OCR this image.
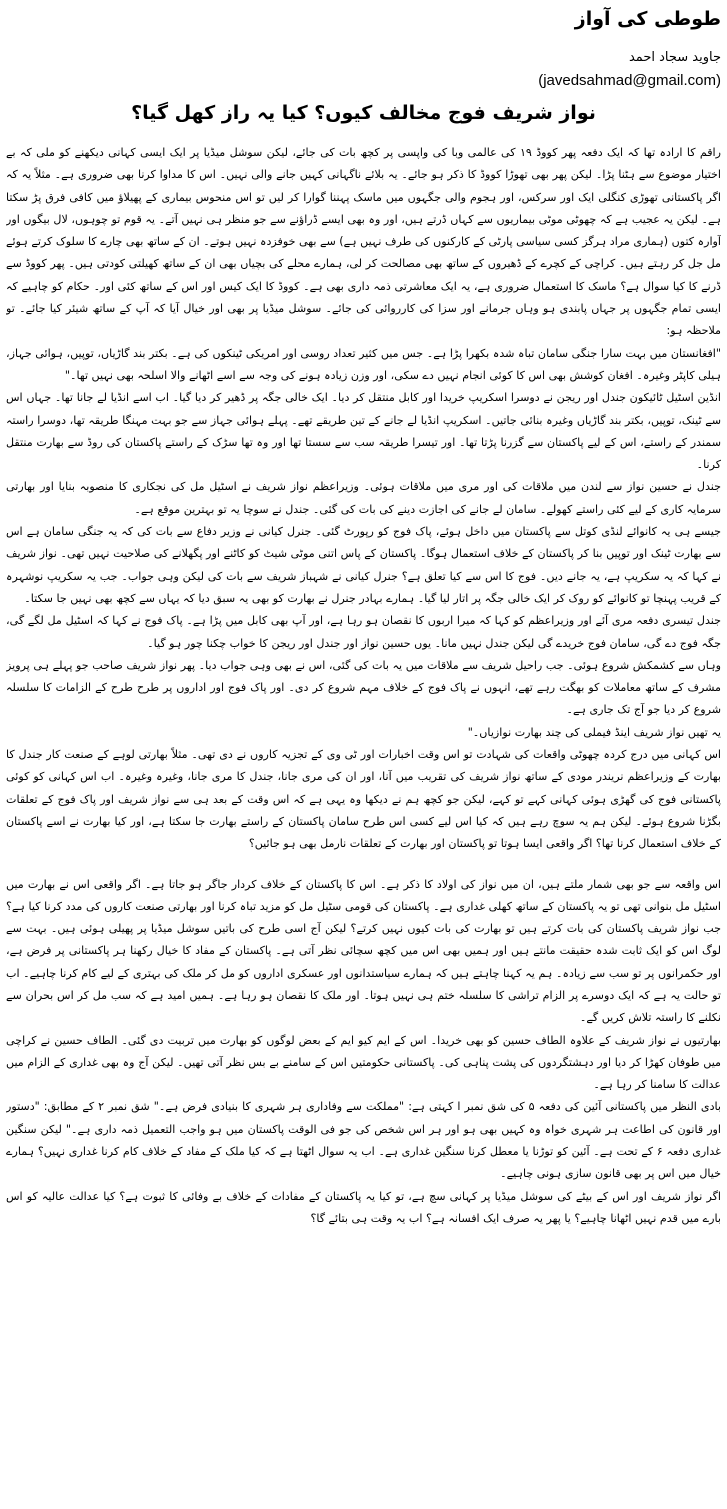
طوطی کی آواز
جاوید سجاد احمد
(javedsahmad@gmail.com)
نواز شریف فوج مخالف کیوں؟ کیا یہ راز کھل گیا؟

راقم کا ارادہ تھا کہ ایک دفعہ پھر کووڈ ۱۹ کی عالمی وبا کی واپسی پر کچھ بات کی جائے، لیکن سوشل میڈیا پر ایک ایسی کہانی دیکھنے کو ملی کہ بے اختیار موضوع سے ہٹنا پڑا۔ لیکن پھر بھی تھوڑا کووڈ کا ذکر ہو جائے۔ یہ بلائے ناگہانی کہیں جانے والی نہیں۔ اس کا مداوا کرنا بھی ضروری ہے۔ مثلاً یہ کہ اگر پاکستانی تھوڑی کنگلی ایک اور سرکس، اور ہجوم والی جگہوں میں ماسک پہننا گوارا کر لیں تو اس منحوس بیماری کے پھیلاؤ میں کافی فرق پڑ سکتا ہے۔ لیکن یہ عجیب ہے کہ چھوٹی موٹی بیماریوں سے کہاں ڈرتے ہیں، اور وہ بھی ایسے ڈراؤنے سے جو منظر ہی نہیں آتے۔ یہ قوم تو چوہوں، لال بیگوں اور آوارہ کتوں (ہماری مراد ہرگز کسی سیاسی پارٹی کے کارکنوں کی طرف نہیں ہے) سے بھی خوفزدہ نہیں ہوتے۔ ان کے ساتھ بھی چارے کا سلوک کرتے ہوئے مل جل کر رہتے ہیں۔ کراچی کے کچرے کے ڈھیروں کے ساتھ بھی مصالحت کر لی، ہمارے محلے کی بچیاں بھی ان کے ساتھ کھیلتی کودتی ہیں۔ پھر کووڈ سے ڈرنے کا کیا سوال ہے؟ ماسک کا استعمال ضروری ہے، یہ ایک معاشرتی ذمہ داری بھی ہے۔ کووڈ کا ایک کیس اور اس کے ساتھ کئی اور۔ حکام کو چاہیے کہ ایسی تمام جگہوں پر جہاں پابندی ہو وہاں جرمانے اور سزا کی کارروائی کی جائے۔ سوشل میڈیا پر بھی اور خیال آیا کہ آپ کے ساتھ شیئر کیا جائے۔ تو ملاحظہ ہو:

"افغانستان میں بہت سارا جنگی سامان تباہ شدہ بکھرا پڑا ہے۔ جس میں کثیر تعداد روسی اور امریکی ٹینکوں کی ہے۔ بکتر بند گاڑیاں، توپیں، ہوائی جہاز، ہیلی کاپٹر وغیرہ۔ افغان کوشش بھی اس کا کوئی انجام نہیں دے سکی، اور وزن زیادہ ہونے کی وجہ سے اسے اٹھانے والا اسلحہ بھی نہیں تھا۔"

انڈین اسٹیل ٹائیکون جندل اور ریجن نے دوسرا اسکریپ خریدا اور کابل منتقل کر دیا۔ ایک خالی جگہ پر ڈھیر کر دیا گیا۔ اب اسے انڈیا لے جانا تھا۔ جہاں اس سے ٹینک، توپیں، بکتر بند گاڑیاں وغیرہ بنائی جاتیں۔ اسکریپ انڈیا لے جانے کے تین طریقے تھے۔ پہلے ہوائی جہاز سے جو بہت مہنگا طریقہ تھا، دوسرا راستہ سمندر کے راستے، اس کے لیے پاکستان سے گزرنا پڑتا تھا۔ اور تیسرا طریقہ سب سے سستا تھا اور وہ تھا سڑک کے راستے پاکستان کی روڈ سے بھارت منتقل کرنا۔

جندل نے حسین نواز سے لندن میں ملاقات کی اور مری میں ملاقات ہوئی۔ وزیراعظم نواز شریف نے اسٹیل مل کی نجکاری کا منصوبہ بنایا اور بھارتی سرمایہ کاری کے لیے کئی راستے کھولے۔ سامان لے جانے کی اجازت دینے کی بات کی گئی۔ جندل نے سوچا یہ تو بہترین موقع ہے۔

جیسے ہی یہ کانوائے لنڈی کوتل سے پاکستان میں داخل ہوئے، پاک فوج کو رپورٹ گئی۔ جنرل کیانی نے وزیر دفاع سے بات کی کہ یہ جنگی سامان ہے اس سے بھارت ٹینک اور توپیں بنا کر پاکستان کے خلاف استعمال ہوگا۔ پاکستان کے پاس اتنی موٹی شیٹ کو کاٹنے اور پگھلانے کی صلاحیت نہیں تھی۔ نواز شریف نے کہا کہ یہ سکریپ ہے، یہ جانے دیں۔ فوج کا اس سے کیا تعلق ہے؟ جنرل کیانی نے شہباز شریف سے بات کی لیکن وہی جواب۔ جب یہ سکریپ نوشہرہ کے قریب پہنچا تو کانوائے کو روک کر ایک خالی جگہ پر اتار لیا گیا۔ ہمارے بہادر جنرل نے بھارت کو بھی یہ سبق دیا کہ یہاں سے کچھ بھی نہیں جا سکتا۔

جندل تیسری دفعہ مری آئے اور وزیراعظم کو کہا کہ میرا اربوں کا نقصان ہو رہا ہے، اور آپ بھی کابل میں پڑا ہے۔ پاک فوج نے کہا کہ اسٹیل مل لگے گی، جگہ فوج دے گی، سامان فوج خریدے گی لیکن جندل نہیں مانا۔ یوں حسین نواز اور جندل اور ریجن کا خواب چکنا چور ہو گیا۔

وہاں سے کشمکش شروع ہوئی۔ جب راحیل شریف سے ملاقات میں یہ بات کی گئی، اس نے بھی وہی جواب دیا۔ پھر نواز شریف صاحب جو پہلے ہی پرویز مشرف کے ساتھ معاملات کو بھگت رہے تھے، انہوں نے پاک فوج کے خلاف مہم شروع کر دی۔ اور پاک فوج اور اداروں پر طرح طرح کے الزامات کا سلسلہ شروع کر دیا جو آج تک جاری ہے۔

یہ تھیں نواز شریف اینڈ فیملی کی چند بھارت نوازیاں۔"

اس کہانی میں درج کردہ چھوٹی واقعات کی شہادت تو اس وقت اخبارات اور ٹی وی کے تجزیہ کاروں نے دی تھی۔ مثلاً بھارتی لوہے کے صنعت کار جندل کا بھارت کے وزیراعظم نریندر مودی کے ساتھ نواز شریف کی تقریب میں آنا، اور ان کی مری جانا، جندل کا مری جانا، وغیرہ وغیرہ۔ اب اس کہانی کو کوئی پاکستانی فوج کی گھڑی ہوئی کہانی کہے تو کہے، لیکن جو کچھ ہم نے دیکھا وہ یہی ہے کہ اس وقت کے بعد ہی سے نواز شریف اور پاک فوج کے تعلقات بگڑنا شروع ہوئے۔ لیکن ہم یہ سوچ رہے ہیں کہ کیا اس لیے کسی اس طرح سامان پاکستان کے راستے بھارت جا سکتا ہے، اور کیا بھارت نے اسے پاکستان کے خلاف استعمال کرنا تھا؟ اگر واقعی ایسا ہوتا تو پاکستان اور بھارت کے تعلقات نارمل بھی ہو جائیں؟

اس واقعہ سے جو بھی شمار ملتے ہیں، ان میں نواز کی اولاد کا ذکر ہے۔ اس کا پاکستان کے خلاف کردار جاگر ہو جاتا ہے۔ اگر واقعی اس نے بھارت میں اسٹیل مل بنوانی تھی تو یہ پاکستان کے ساتھ کھلی غداری ہے۔ پاکستان کی قومی سٹیل مل کو مزید تباہ کرنا اور بھارتی صنعت کاروں کی مدد کرنا کیا ہے؟ جب نواز شریف پاکستان کی بات کرتے ہیں تو بھارت کی بات کیوں نہیں کرتے؟ لیکن آج اسی طرح کی باتیں سوشل میڈیا پر پھیلی ہوئی ہیں۔ بہت سے لوگ اس کو ایک ثابت شدہ حقیقت مانتے ہیں اور ہمیں بھی اس میں کچھ سچائی نظر آتی ہے۔ پاکستان کے مفاد کا خیال رکھنا ہر پاکستانی پر فرض ہے، اور حکمرانوں پر تو سب سے زیادہ۔ ہم یہ کہنا چاہتے ہیں کہ ہمارے سیاستدانوں اور عسکری اداروں کو مل کر ملک کی بہتری کے لیے کام کرنا چاہیے۔ اب تو حالت یہ ہے کہ ایک دوسرے پر الزام تراشی کا سلسلہ ختم ہی نہیں ہوتا۔ اور ملک کا نقصان ہو رہا ہے۔ ہمیں امید ہے کہ سب مل کر اس بحران سے نکلنے کا راستہ تلاش کریں گے۔

بھارتیوں نے نواز شریف کے علاوہ الطاف حسین کو بھی خریدا۔ اس کے ایم کیو ایم کے بعض لوگوں کو بھارت میں تربیت دی گئی۔ الطاف حسین نے کراچی میں طوفان کھڑا کر دیا اور دہشتگردوں کی پشت پناہی کی۔ پاکستانی حکومتیں اس کے سامنے بے بس نظر آتی تھیں۔ لیکن آج وہ بھی غداری کے الزام میں عدالت کا سامنا کر رہا ہے۔

بادی النظر میں پاکستانی آئین کی دفعہ ۵ کی شق نمبر ا کہتی ہے: "مملکت سے وفاداری ہر شہری کا بنیادی فرض ہے۔" شق نمبر ۲ کے مطابق: "دستور اور قانون کی اطاعت ہر شہری خواہ وہ کہیں بھی ہو اور ہر اس شخص کی جو فی الوقت پاکستان میں ہو واجب التعمیل ذمہ داری ہے۔" لیکن سنگین غداری دفعہ ۶ کے تحت ہے۔ آئین کو توڑنا یا معطل کرنا سنگین غداری ہے۔ اب یہ سوال اٹھتا ہے کہ کیا ملک کے مفاد کے خلاف کام کرنا غداری نہیں؟ ہمارے خیال میں اس پر بھی قانون سازی ہونی چاہیے۔

اگر نواز شریف اور اس کے بیٹے کی سوشل میڈیا پر کہانی سچ ہے، تو کیا یہ پاکستان کے مفادات کے خلاف بے وفائی کا ثبوت ہے؟ کیا عدالت عالیہ کو اس بارے میں قدم نہیں اٹھانا چاہیے؟ یا پھر یہ صرف ایک افسانہ ہے؟ اب یہ وقت ہی بتائے گا؟
